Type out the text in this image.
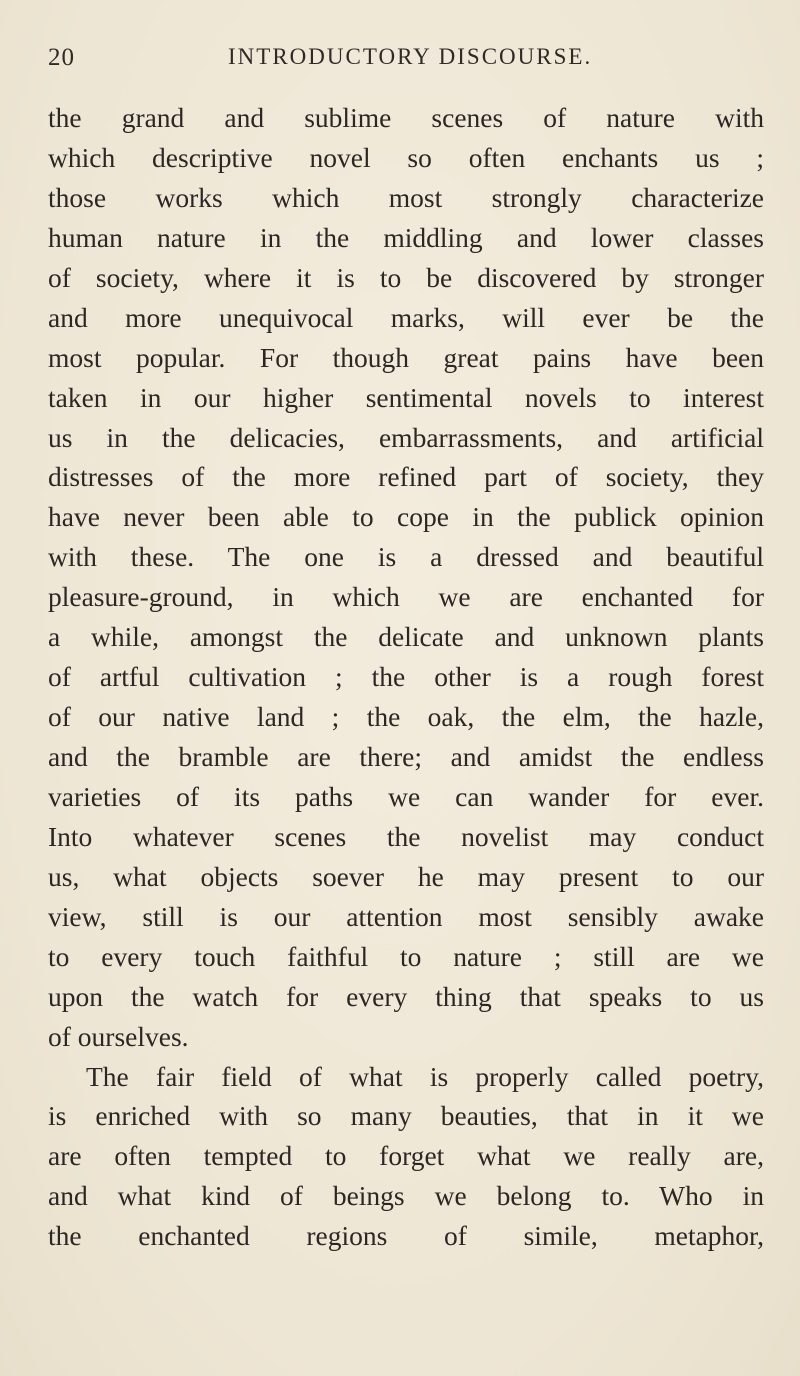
20	INTRODUCTORY DISCOURSE.
the grand and sublime scenes of nature with
which descriptive novel so often enchants us ;
those works which most strongly characterize
human nature in the middling and lower classes
of society, where it is to be discovered by stronger
and more unequivocal marks, will ever be the
most popular. For though great pains have been
taken in our higher sentimental novels to interest
us in the delicacies, embarrassments, and artificial
distresses of the more refined part of society, they
have never been able to cope in the publick opinion
with these. The one is a dressed and beautiful
pleasure-ground, in which we are enchanted for
a while, amongst the delicate and unknown plants
of artful cultivation ; the other is a rough forest
of our native land ; the oak, the elm, the hazle,
and the bramble are there; and amidst the endless
varieties of its paths we can wander for ever.
Into whatever scenes the novelist may conduct
us, what objects soever he may present to our
view, still is our attention most sensibly awake
to every touch faithful to nature ; still are we
upon the watch for every thing that speaks to us
of ourselves.
The fair field of what is properly called poetry,
is enriched with so many beauties, that in it we
are often tempted to forget what we really are,
and what kind of beings we belong to. Who in
the enchanted regions of simile, metaphor,
